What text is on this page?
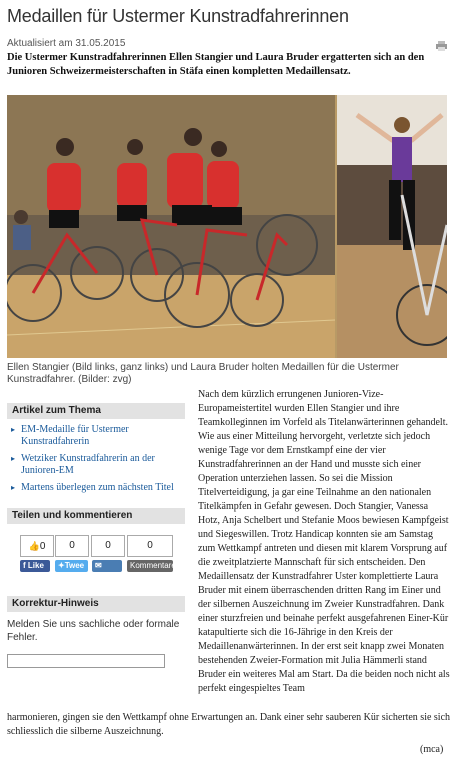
Medaillen für Ustermer Kunstradfahrerinnen
Aktualisiert am 31.05.2015

Die Ustermer Kunstradfahrerinnen Ellen Stangier und Laura Bruder ergatterten sich an den Junioren Schweizermeisterschaften in Stäfa einen kompletten Medaillensatz.

Ellen Stangier (Bild links, ganz links) und Laura Bruder holten Medaillen für die Ustermer Kunstradfahrer. (Bilder: zvg)

Artikel zum Thema
▸ EM-Medaille für Ustermer Kunstradfahrerin
▸ Wetziker Kunstradfahrerin an der Junioren-EM
▸ Martens überlegen zum nächsten Titel
Teilen und kommentieren
👍0	0	0	0
f Like	✦Twee	✉ Mail
Kommentare
Korrektur-Hinweis

Melden Sie uns sachliche oder formale Fehler.

Nach dem kürzlich errungenen Junioren-Vize-Europameistertitel wurden Ellen Stangier und ihre Teamkolleginnen im Vorfeld als Titelanwärterinnen gehandelt. Wie aus einer Mitteilung hervorgeht, verletzte sich jedoch wenige Tage vor dem Ernstkampf eine der vier Kunstradfahrerinnen an der Hand und musste sich einer Operation unterziehen lassen. So sei die Mission Titelverteidigung, ja gar eine Teilnahme an den nationalen Titelkämpfen in Gefahr gewesen. Doch Stangier, Vanessa Hotz, Anja Schelbert und Stefanie Moos bewiesen Kampfgeist und Siegeswillen. Trotz Handicap konnten sie am Samstag zum Wettkampf antreten und diesen mit klarem Vorsprung auf die zweitplatzierte Mannschaft für sich entscheiden. Den Medaillensatz der Kunstradfahrer Uster komplettierte Laura Bruder mit einem überraschenden dritten Rang im Einer und der silbernen Auszeichnung im Zweier Kunstradfahren. Dank einer sturzfreien und beinahe perfekt ausgefahrenen Einer-Kür katapultierte sich die 16-Jährige in den Kreis der Medaillenanwärterinnen. In der erst seit knapp zwei Monaten bestehenden Zweier-Formation mit Julia Hämmerli stand Bruder ein weiteres Mal am Start. Da die beiden noch nicht als perfekt eingespieltes Team

harmonieren, gingen sie den Wettkampf ohne Erwartungen an. Dank einer sehr sauberen Kür sicherten sie sich schliesslich die silberne Auszeichnung.

(mca)
